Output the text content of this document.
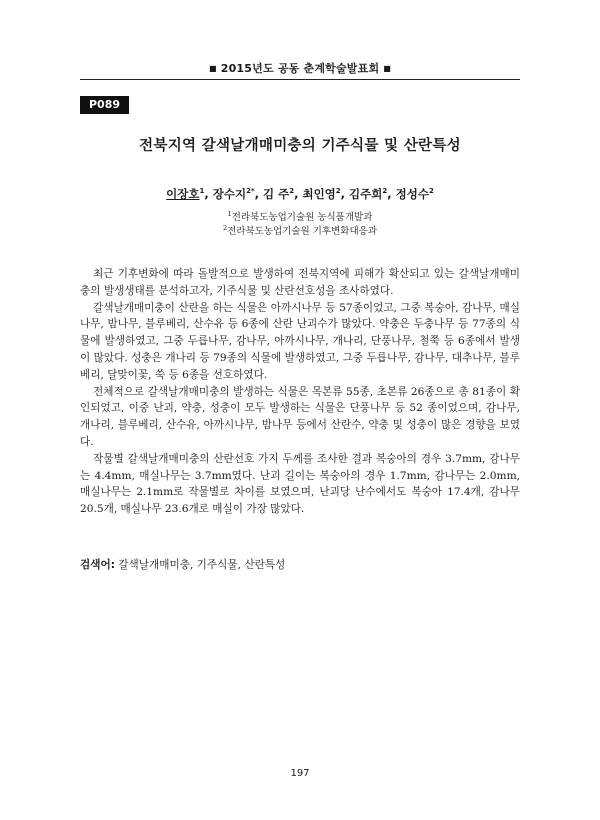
■ 2015년도 공동 춘계학술발표회 ■
P089
전북지역 갈색날개매미충의 기주식물 및 산란특성
이장호$^1$, 장수지$^{2*}$, 김 주$^2$, 최인영$^2$, 김주희$^2$, 정성수$^2$
$^1$전라북도농업기술원 농식품개발과
$^2$전라북도농업기술원 기후변화대응과

최근 기후변화에 따라 돌발적으로 발생하여 전북지역에 피해가 확산되고 있는 갈색날개매미충의 발생생태를 분석하고자, 기주식물 및 산란선호성을 조사하였다.

갈색날개매미충이 산란을 하는 식물은 아까시나무 등 57종이었고, 그중 복숭아, 감나무, 매실나무, 밤나무, 블루베리, 산수유 등 6종에 산란 난괴수가 많았다. 약충은 두충나무 등 77종의 식물에 발생하였고, 그중 두릅나무, 감나무, 아까시나무, 개나리, 단풍나무, 철쭉 등 6종에서 발생이 많았다. 성충은 개나리 등 79종의 식물에 발생하였고, 그중 두릅나무, 감나무, 대추나무, 블루베리, 달맞이꽃, 쑥 등 6종을 선호하였다.

전체적으로 갈색날개매미충의 발생하는 식물은 목본류 55종, 초본류 26종으로 총 81종이 확인되었고, 이중 난괴, 약충, 성충이 모두 발생하는 식물은 단풍나무 등 52 종이었으며, 감나무, 개나리, 블루베리, 산수유, 아까시나무, 밤나무 등에서 산란수, 약충 및 성충이 많은 경향을 보였다.

작물별 갈색날개매미충의 산란선호 가지 두께를 조사한 결과 복숭아의 경우 3.7mm, 감나무는 4.4mm, 매실나무는 3.7mm였다. 난괴 길이는 복숭아의 경우 1.7mm, 감나무는 2.0mm, 매실나무는 2.1mm로 작물별로 차이를 보였으며, 난괴당 난수에서도 복숭아 17.4개, 감나무 20.5개, 매실나무 23.6개로 매실이 가장 많았다.

검색어: 갈색날개매미충, 기주식물, 산란특성
197
